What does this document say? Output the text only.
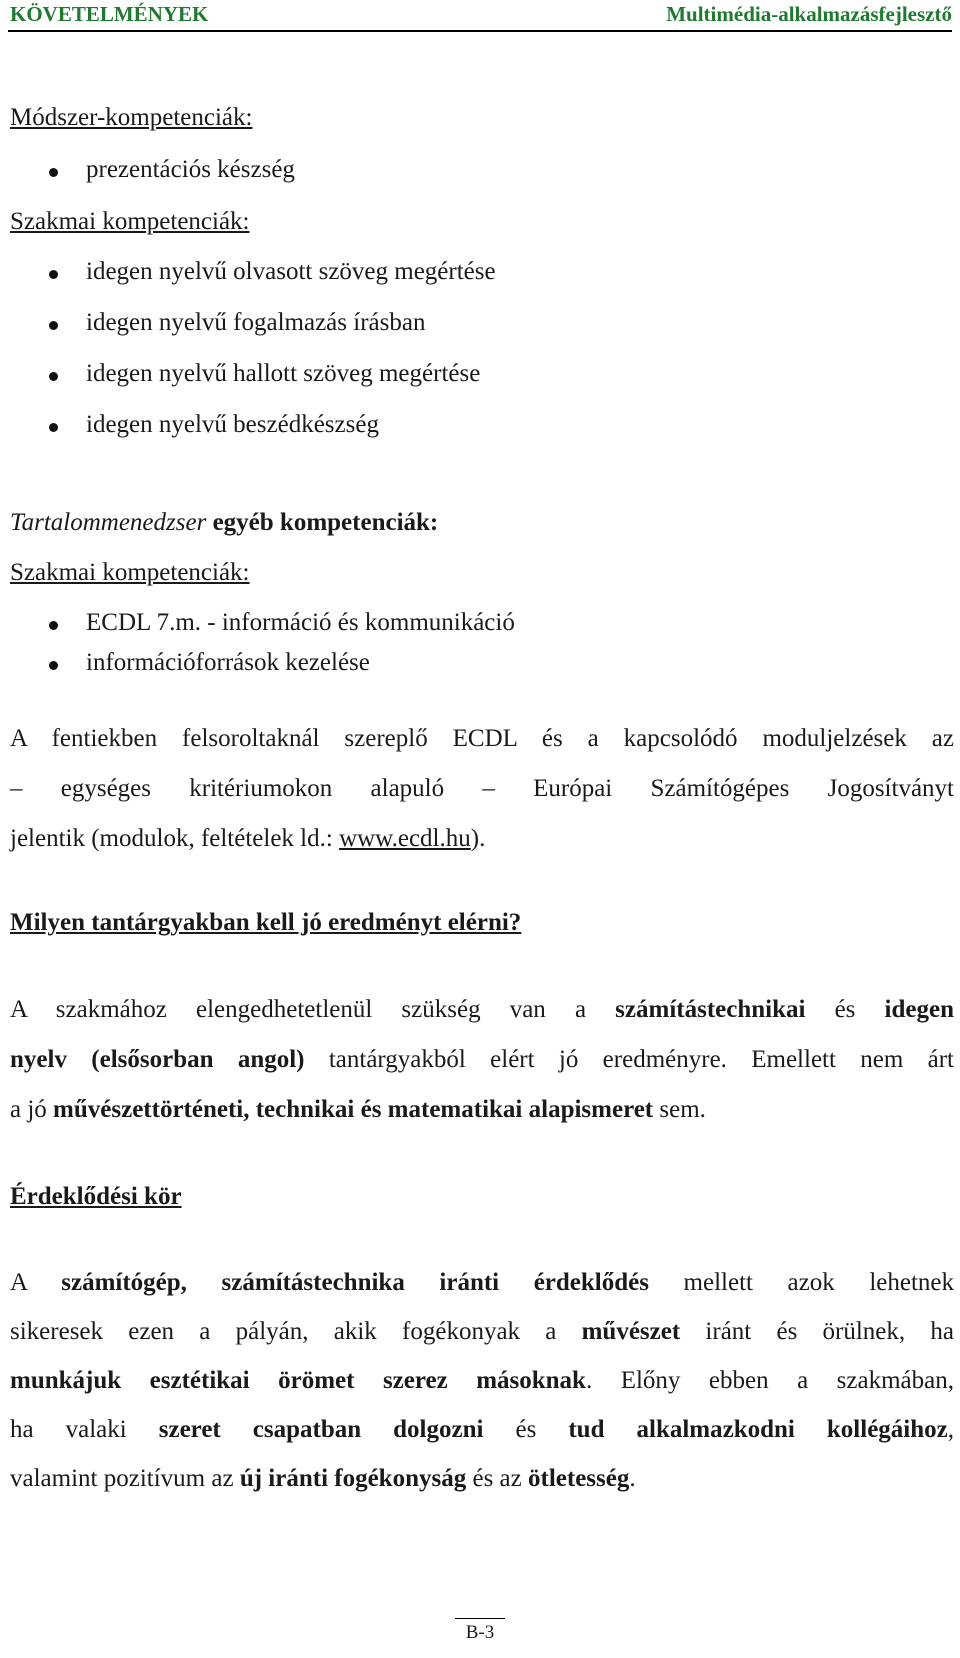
KÖVETELMÉNYEK	Multimédia-alkalmazásfejlesztő
Módszer-kompetenciák:
prezentációs készség
Szakmai kompetenciák:
idegen nyelvű olvasott szöveg megértése
idegen nyelvű fogalmazás írásban
idegen nyelvű hallott szöveg megértése
idegen nyelvű beszédkészség
Tartalommenedzser egyéb kompetenciák:
Szakmai kompetenciák:
ECDL 7.m. - információ és kommunikáció
információforrások kezelése
A fentiekben felsoroltaknál szereplő ECDL és a kapcsolódó moduljelzések az
– egységes kritériumokon alapuló – Európai Számítógépes Jogosítványt
jelentik (modulok, feltételek ld.: www.ecdl.hu).
Milyen tantárgyakban kell jó eredményt elérni?
A szakmához elengedhetetlenül szükség van a számítástechnikai és idegen
nyelv (elsősorban angol) tantárgyakból elért jó eredményre. Emellett nem árt
a jó művészettörténeti, technikai és matematikai alapismeret sem.
Érdeklődési kör
A számítógép, számítástechnika iránti érdeklődés mellett azok lehetnek
sikeresek ezen a pályán, akik fogékonyak a művészet iránt és örülnek, ha
munkájuk esztétikai örömet szerez másoknak. Előny ebben a szakmában,
ha valaki szeret csapatban dolgozni és tud alkalmazkodni kollégáihoz,
valamint pozitívum az új iránti fogékonyság és az ötletesség.
B-3
